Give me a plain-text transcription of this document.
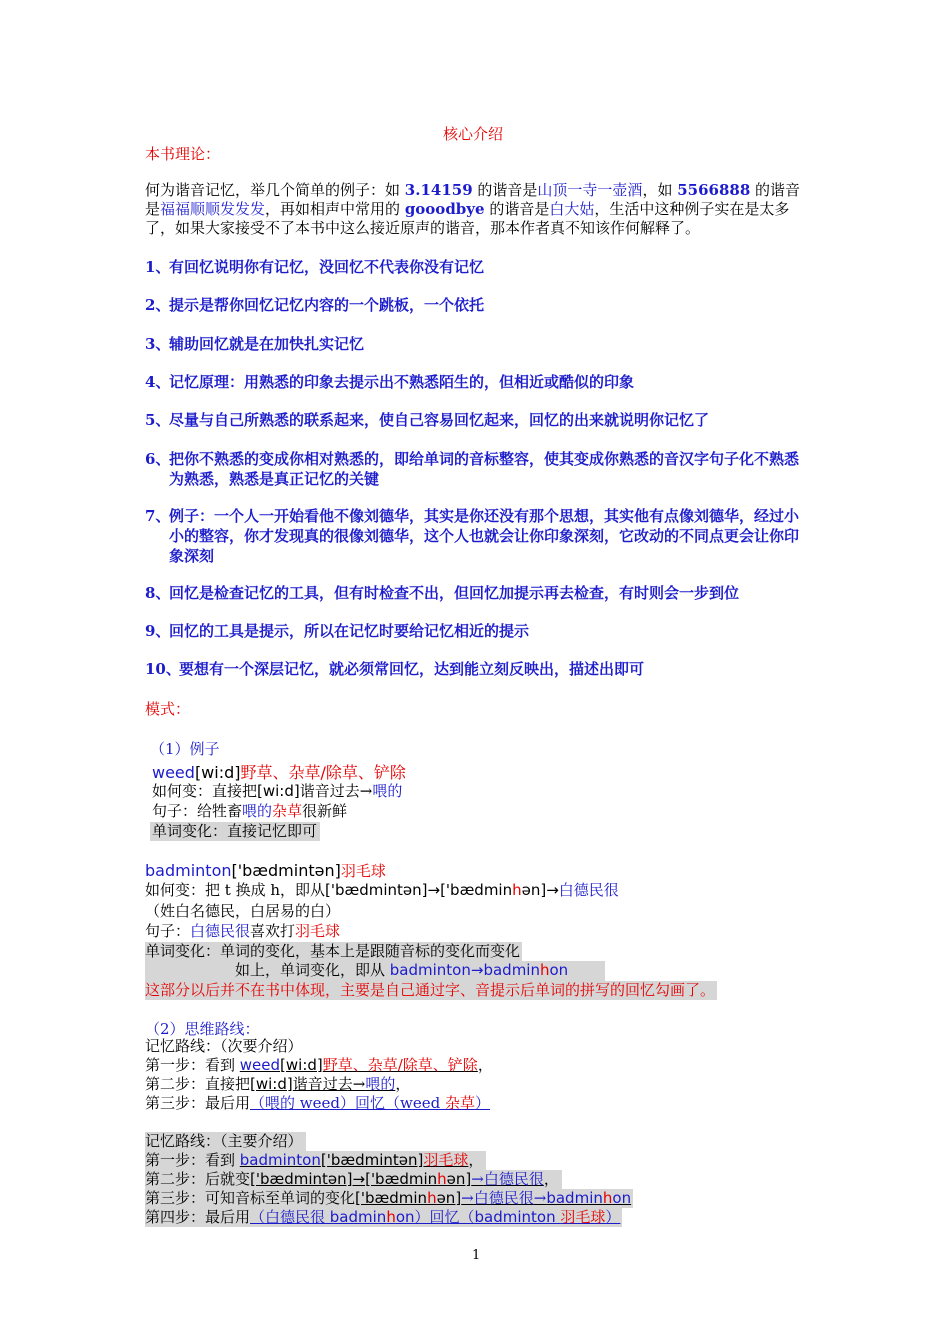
核心介绍
本书理论：
何为谐音记忆，举几个简单的例子：如 3.14159 的谐音是山顶一寺一壶酒，如 5566888 的谐音是福福顺顺发发发，再如相声中常用的 gooodbye 的谐音是白大姑，生活中这种例子实在是太多了，如果大家接受不了本书中这么接近原声的谐音，那本作者真不知该作何解释了。
1、
有回忆说明你有记忆，没回忆不代表你没有记忆
2、
提示是帮你回忆记忆内容的一个跳板，一个依托
3、
辅助回忆就是在加快扎实记忆
4、
记忆原理：用熟悉的印象去提示出不熟悉陌生的，但相近或酷似的印象
5、
尽量与自己所熟悉的联系起来，使自己容易回忆起来，回忆的出来就说明你记忆了
6、
把你不熟悉的变成你相对熟悉的，即给单词的音标整容，使其变成你熟悉的音汉字句子化不熟悉为熟悉，熟悉是真正记忆的关键
7、
例子：一个人一开始看他不像刘德华，其实是你还没有那个思想，其实他有点像刘德华，经过小小的整容，你才发现真的很像刘德华，这个人也就会让你印象深刻，它改动的不同点更会让你印象深刻
8、
回忆是检查记忆的工具，但有时检查不出，但回忆加提示再去检查，有时则会一步到位
9、
回忆的工具是提示，所以在记忆时要给记忆相近的提示
10、
要想有一个深层记忆，就必须常回忆，达到能立刻反映出，描述出即可
模式：
（1）例子
weed[wi:d]野草、杂草/除草、铲除
如何变：直接把[wi:d]谐音过去→喂的
句子：给牲畜喂的杂草很新鲜
单词变化：直接记忆即可
badminton['bædmintən]羽毛球
如何变：把 t 换成 h，即从['bædmintən]→['bædminhən]→白德民很
（姓白名德民，白居易的白）
句子：白德民很喜欢打羽毛球
单词变化：单词的变化，基本上是跟随音标的变化而变化
如上，单词变化，即从 badminton→badminhon
这部分以后并不在书中体现，主要是自己通过字、音提示后单词的拼写的回忆勾画了。
（2）思维路线：
记忆路线：（次要介绍）
第一步：看到 weed[wi:d]野草、杂草/除草、铲除，
第二步：直接把[wi:d]谐音过去→喂的，
第三步：最后用（喂的 weed）回忆（weed 杂草）
记忆路线：（主要介绍）
第一步：看到 badminton['bædmintən]羽毛球，
第二步：后就变['bædmintən]→['bædminhən]→白德民很，
第三步：可知音标至单词的变化['bædminhən]→白德民很→badminhon
第四步：最后用（白德民很 badminhon）回忆（badminton 羽毛球）
1
